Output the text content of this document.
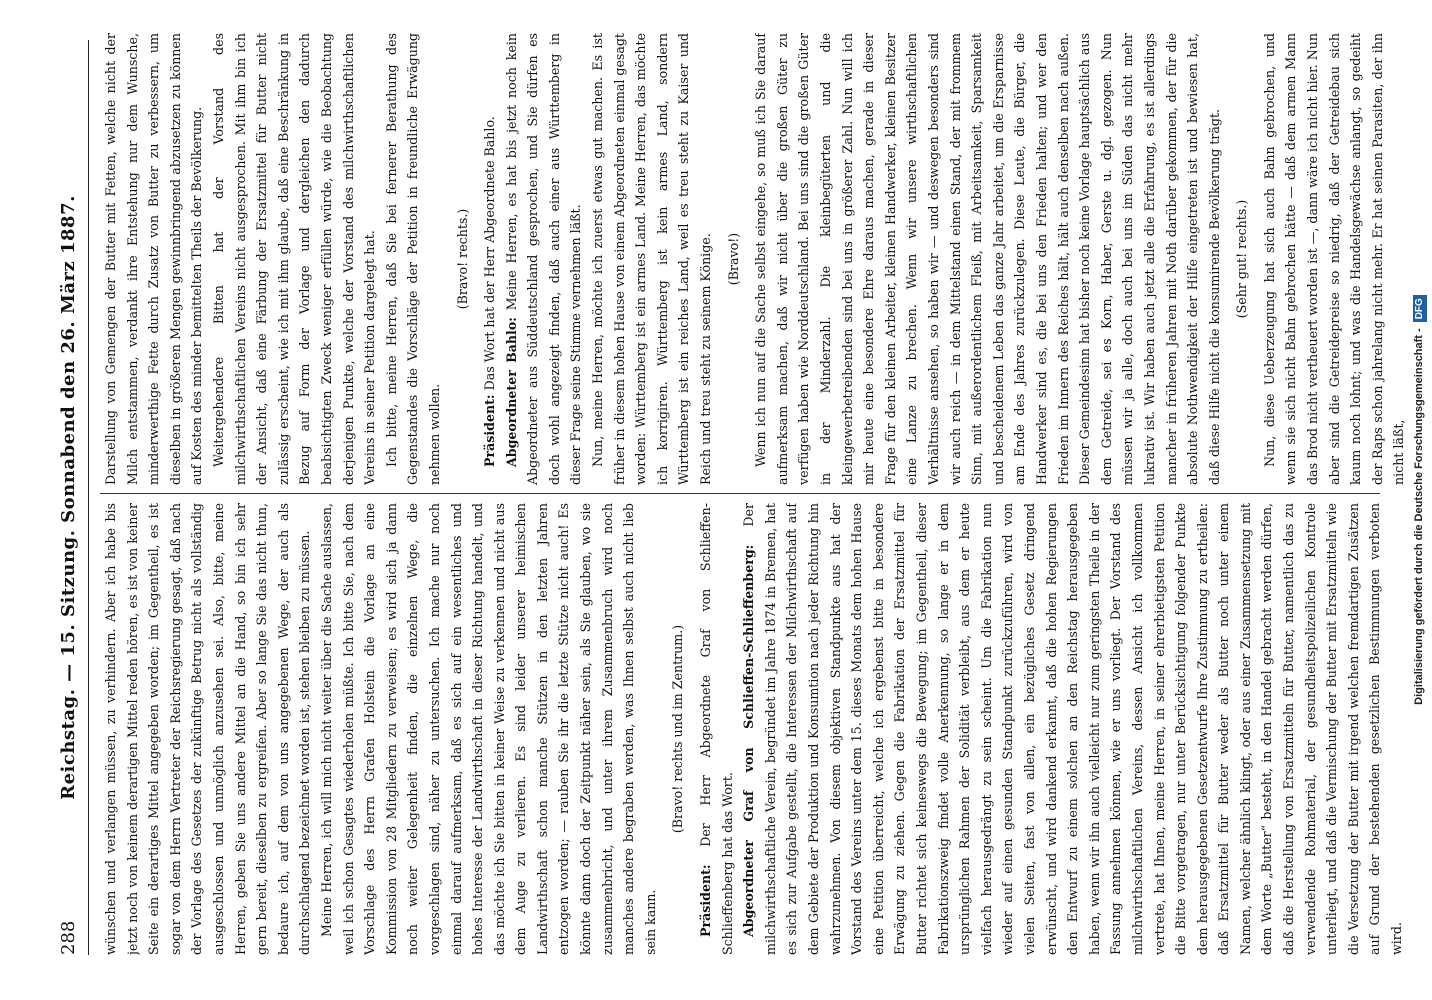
288
Reichstag. — 15. Sitzung. Sonnabend den 26. März 1887. wünschen und verlangen müssen, zu verhindern. Aber ich habe bis jetzt noch von keinem derartigen Mittel reden hören, es ist von keiner Seite ein derartiges Mittel angegeben worden; im Gegentheil, es ist sogar von dem Herrn Vertreter der Reichsregierung gesagt, daß nach der Vorlage des Gesetzes der zukünftige Betrug nicht als vollständig ausgeschlossen und unmöglich anzusehen sei. Also, bitte, meine Herren, geben Sie uns andere Mittel an die Hand, so bin ich sehr gern bereit, dieselben zu ergreifen. Aber so lange Sie das nicht thun, bedaure ich, auf dem von uns angegebenen Wege, der auch als durchschlagend bezeichnet worden ist, stehen bleiben zu müssen. Meine Herren, ich will mich nicht weiter über die Sache auslassen, weil ich schon Gesagtes wiederholen müßte. Ich bitte Sie, nach dem Vorschlage des Herrn Grafen Holstein die Vorlage an eine Kommission von 28 Mitgliedern zu verweisen; es wird sich ja dann noch weiter Gelegenheit finden, die einzelnen Wege, die vorgeschlagen sind, näher zu untersuchen. Ich mache nur noch einmal darauf aufmerksam, daß es sich auf ein wesentliches und hohes Interesse der Landwirthschaft in dieser Richtung handelt, und das möchte ich Sie bitten in keiner Weise zu verkennen und nicht aus dem Auge zu verlieren. Es sind leider unserer heimischen Landwirthschaft schon manche Stützen in den letzten Jahren entzogen worden; — rauben Sie ihr die letzte Stütze nicht auch! Es könnte dann doch der Zeitpunkt näher sein, als Sie glauben, wo sie zusammenbricht, und unter ihrem Zusammenbruch wird noch manches andere begraben werden, was Ihnen selbst auch nicht lieb sein kann.

(Bravo! rechts und im Zentrum.)

Präsident: Der Herr Abgeordnete Graf von Schlieffen-Schlieffenberg hat das Wort. Abgeordneter Graf von Schlieffen-Schlieffenberg: Der milchwirthschaftliche Verein, begründet im Jahre 1874 in Bremen, hat es sich zur Aufgabe gestellt, die Interessen der Milchwirthschaft auf dem Gebiete der Produktion und Konsumtion nach jeder Richtung hin wahrzunehmen. Von diesem objektiven Standpunkte aus hat der Vorstand des Vereins unter dem 15. dieses Monats dem hohen Hause eine Petition überreicht, welche ich ergebenst bitte in besondere Erwägung zu ziehen. Gegen die Fabrikation der Ersatzmittel für Butter richtet sich keineswegs die Bewegung; im Gegentheil, dieser Fabrikationszweig findet volle Anerkennung, so lange er in dem ursprünglichen Rahmen der Solidität verbleibt, aus dem er heute vielfach herausgedrängt zu sein scheint. Um die Fabrikation nun wieder auf einen gesunden Standpunkt zurückzuführen, wird von vielen Seiten, fast von allen, ein bezügliches Gesetz dringend erwünscht, und wird dankend erkannt, daß die hohen Regierungen den Entwurf zu einem solchen an den Reichstag herausgegeben haben, wenn wir ihn auch vielleicht nur zum geringsten Theile in der Fassung annehmen können, wie er uns vorliegt. Der Vorstand des milchwirthschaftlichen Vereins, dessen Ansicht ich vollkommen vertrete, hat Ihnen, meine Herren, in seiner ehrerbietigsten Petition die Bitte vorgetragen, nur unter Berücksichtigung folgender Punkte dem herausgegebenen Gesetzentwurfe Ihre Zustimmung zu ertheilen: daß Ersatzmittel für Butter weder als Butter noch unter einem Namen, welcher ähnlich klingt, oder aus einer Zusammensetzung mit dem Worte „Butter“ besteht, in den Handel gebracht werden dürfen, daß die Herstellung von Ersatzmitteln für Butter, namentlich das zu verwendende Rohmaterial, der gesundheitspolizeilichen Kontrole unterliegt, und daß die Vermischung der Butter mit Ersatzmitteln wie die Versetzung der Butter mit irgend welchen fremdartigen Zusätzen auf Grund der bestehenden gesetzlichen Bestimmungen verboten wird.

Darstellung von Gemengen der Butter mit Fetten, welche nicht der Milch entstammen, verdankt ihre Entstehung nur dem Wunsche, minderwerthige Fette durch Zusatz von Butter zu verbessern, um dieselben in größeren Mengen gewinnbringend abzusetzen zu können auf Kosten des minder bemittelten Theils der Bevölkerung. Weitergehendere Bitten hat der Vorstand des milchwirthschaftlichen Vereins nicht ausgesprochen. Mit ihm bin ich der Ansicht, daß eine Färbung der Ersatzmittel für Butter nicht zulässig erscheint, wie ich mit ihm glaube, daß eine Beschränkung in Bezug auf Form der Vorlage und dergleichen den dadurch beabsichtigten Zweck weniger erfüllen würde, wie die Beobachtung derjenigen Punkte, welche der Vorstand des milchwirthschaftlichen Vereins in seiner Petition dargelegt hat. Ich bitte, meine Herren, daß Sie bei fernerer Berathung des Gegenstandes die Vorschläge der Petition in freundliche Erwägung nehmen wollen.

(Bravo! rechts.)

Präsident: Das Wort hat der Herr Abgeordnete Bahlo. Abgeordneter Bahlo: Meine Herren, es hat bis jetzt noch kein Abgeordneter aus Süddeutschland gesprochen, und Sie dürfen es doch wohl angezeigt finden, daß auch einer aus Württemberg in dieser Frage seine Stimme vernehmen läßt. Nun, meine Herren, möchte ich zuerst etwas gut machen. Es ist früher in diesem hohen Hause von einem Abgeordneten einmal gesagt worden: Württemberg ist ein armes Land. Meine Herren, das möchte ich korrigiren. Württemberg ist kein armes Land, sondern Württemberg ist ein reiches Land, weil es treu steht zu Kaiser und Reich und treu steht zu seinem Könige. (Bravo!) Wenn ich nun auf die Sache selbst eingehe, so muß ich Sie darauf aufmerksam machen, daß wir nicht über die großen Güter zu verfügen haben wie Norddeutschland. Bei uns sind die großen Güter in der Minderzahl. Die kleinbegüterten und die kleingewerbetreibenden sind bei uns in größerer Zahl. Nun will ich mir heute eine besondere Ehre daraus machen, gerade in dieser Frage für den kleinen Arbeiter, kleinen Handwerker, kleinen Besitzer eine Lanze zu brechen. Wenn wir unsere wirthschaftlichen Verhältnisse ansehen, so haben wir — und deswegen besonders sind wir auch reich — in dem Mittelstand einen Stand, der mit frommem Sinn, mit außerordentlichem Fleiß, mit Arbeitsamkeit, Sparsamkeit und bescheidenem Leben das ganze Jahr arbeitet, um die Ersparnisse am Ende des Jahres zurückzulegen. Diese Leute, die Bürger, die Handwerker sind es, die bei uns den Frieden halten; und wer den Frieden im Innern des Reiches hält, hält auch denselben nach außen. Dieser Gemeindesinn hat bisher noch keine Vorlage hauptsächlich aus dem Getreide, sei es Korn, Haber, Gerste u. dgl. gezogen. Nun müssen wir ja alle, doch auch bei uns im Süden das nicht mehr lukrativ ist. Wir haben auch jetzt alle die Erfahrung, es ist allerdings mancher in früheren Jahren mit Noth darüber gekommen, der für die absolute Nothwendigkeit der Hilfe eingetreten ist und bewiesen hat, daß diese Hilfe nicht die konsumirende Bevölkerung trägt. (Sehr gut! rechts.) Nun, diese Ueberzeugung hat sich auch Bahn gebrochen, und wenn sie sich nicht Bahn gebrochen hätte — daß dem armen Mann das Brod nicht vertheuert worden ist —, dann wäre ich nicht hier. Nun aber sind die Getreidepreise so niedrig, daß der Getreidebau sich kaum noch lohnt; und was die Handelsgewächse anlangt, so gedeiht der Raps schon jahrelang nicht mehr. Er hat seinen Parasiten, der ihn nicht läßt, Digitalisierung gefördert durch die Deutsche Forschungsgemeinschaft -DFG
